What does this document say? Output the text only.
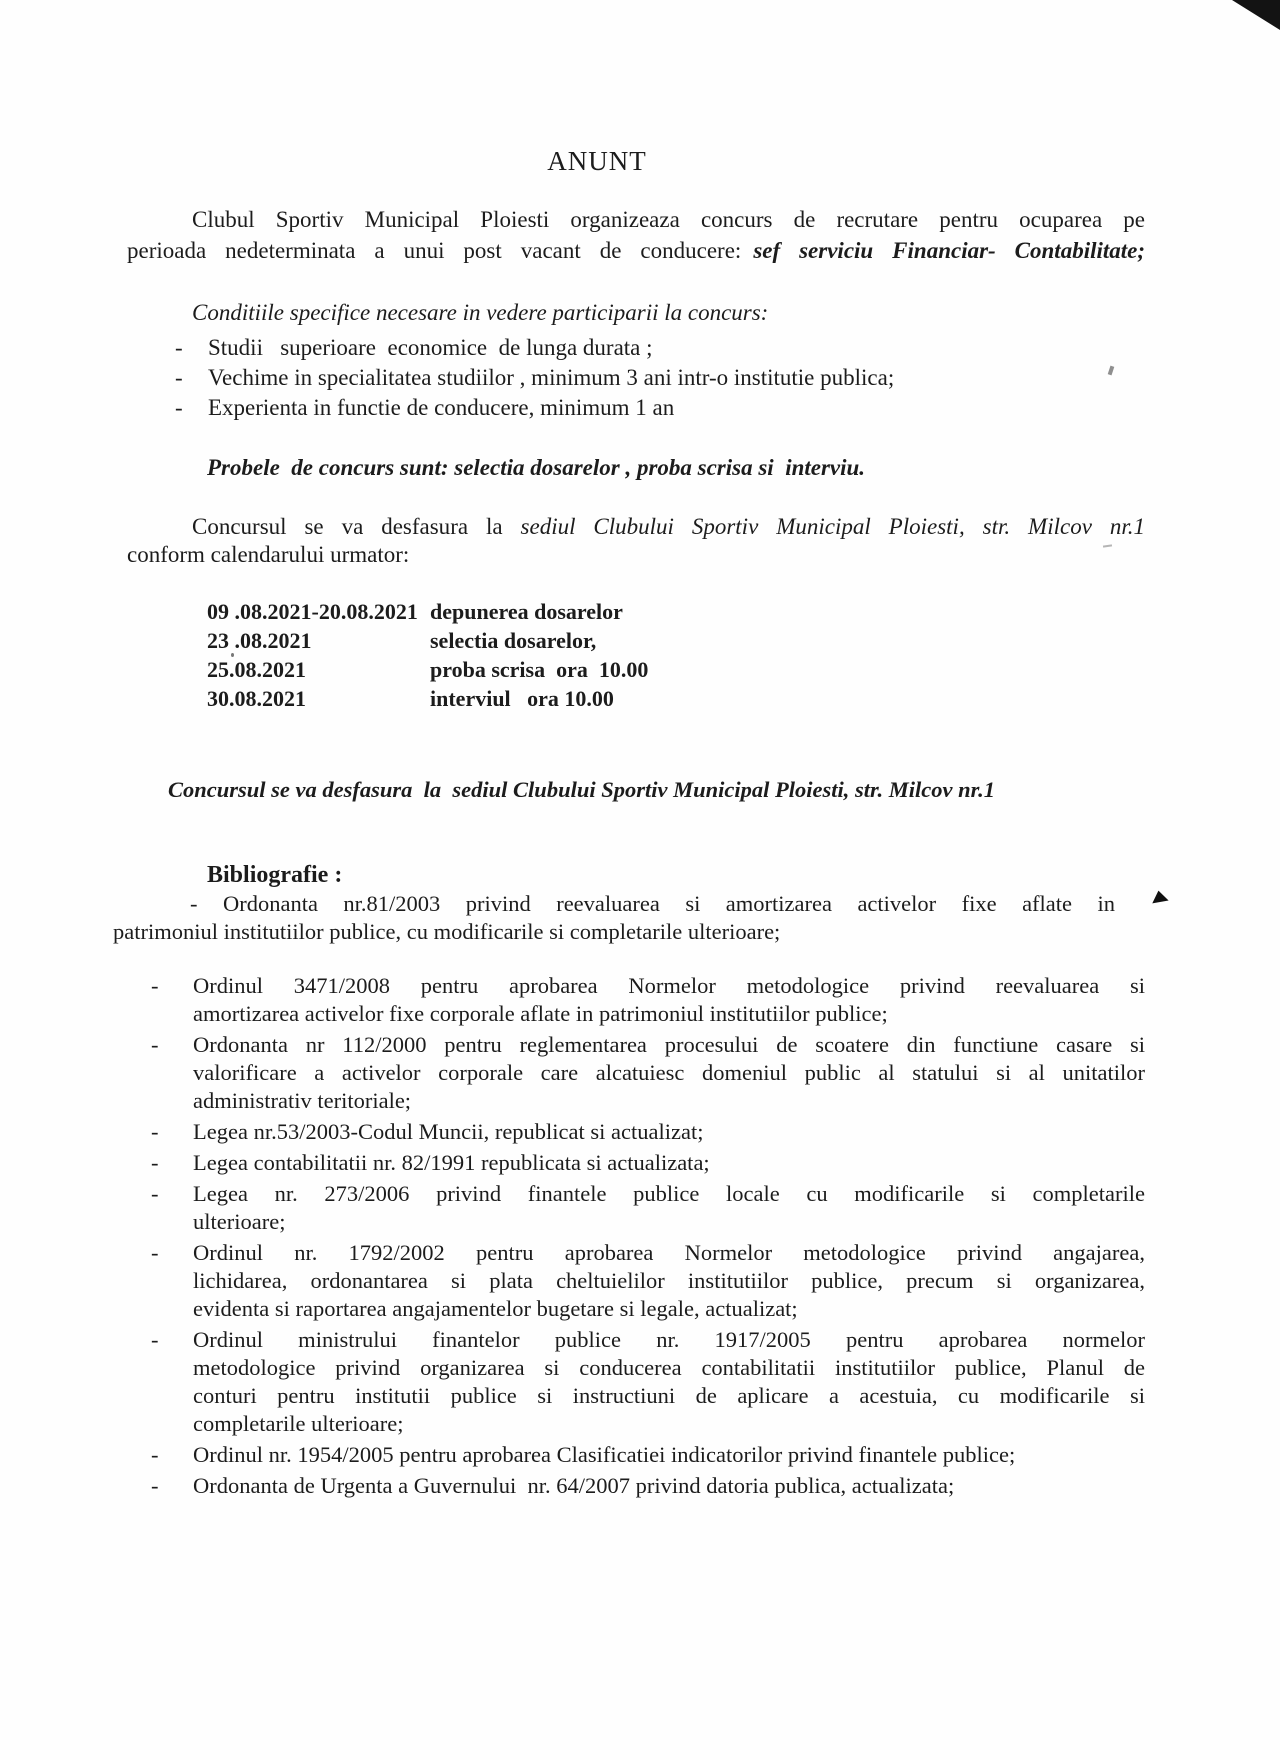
ANUNT
Clubul Sportiv Municipal Ploiesti organizeaza concurs de recrutare pentru ocuparea pe
perioada nedeterminata a unui post vacant de conducere: sef serviciu Financiar- Contabilitate;
Conditiile specifice necesare in vedere participarii la concurs:
- Studii   superioare  economice  de lunga durata ;
- Vechime in specialitatea studiilor , minimum 3 ani intr-o institutie publica;
- Experienta in functie de conducere, minimum 1 an
Probele  de concurs sunt: selectia dosarelor , proba scrisa si  interviu.
Concursul se va desfasura la sediul Clubului Sportiv Municipal Ploiesti, str. Milcov nr.1
conform calendarului urmator:
09 .08.2021-20.08.2021 depunerea dosarelor
23 .08.2021	selectia dosarelor,
25.08.2021	proba scrisa  ora  10.00
30.08.2021	interviul   ora 10.00
Concursul se va desfasura  la  sediul Clubului Sportiv Municipal Ploiesti, str. Milcov nr.1
Bibliografie :
- Ordonanta nr.81/2003 privind reevaluarea si amortizarea activelor fixe aflate in	▲
patrimoniul institutiilor publice, cu modificarile si completarile ulterioare;
- Ordinul 3471/2008 pentru aprobarea Normelor metodologice privind reevaluarea si
amortizarea activelor fixe corporale aflate in patrimoniul institutiilor publice;
- Ordonanta nr 112/2000 pentru reglementarea procesului de scoatere din functiune casare si
valorificare a activelor corporale care alcatuiesc domeniul public al statului si al unitatilor
administrativ teritoriale;
- Legea nr.53/2003-Codul Muncii, republicat si actualizat;
- Legea contabilitatii nr. 82/1991 republicata si actualizata;
- Legea nr. 273/2006 privind finantele publice locale cu modificarile si completarile
ulterioare;
- Ordinul nr. 1792/2002 pentru aprobarea Normelor metodologice privind angajarea,
lichidarea, ordonantarea si plata cheltuielilor institutiilor publice, precum si organizarea,
evidenta si raportarea angajamentelor bugetare si legale, actualizat;
- Ordinul ministrului finantelor publice nr. 1917/2005 pentru aprobarea normelor
metodologice privind organizarea si conducerea contabilitatii institutiilor publice, Planul de
conturi pentru institutii publice si instructiuni de aplicare a acestuia, cu modificarile si
completarile ulterioare;
- Ordinul nr. 1954/2005 pentru aprobarea Clasificatiei indicatorilor privind finantele publice;
- Ordonanta de Urgenta a Guvernului  nr. 64/2007 privind datoria publica, actualizata;
